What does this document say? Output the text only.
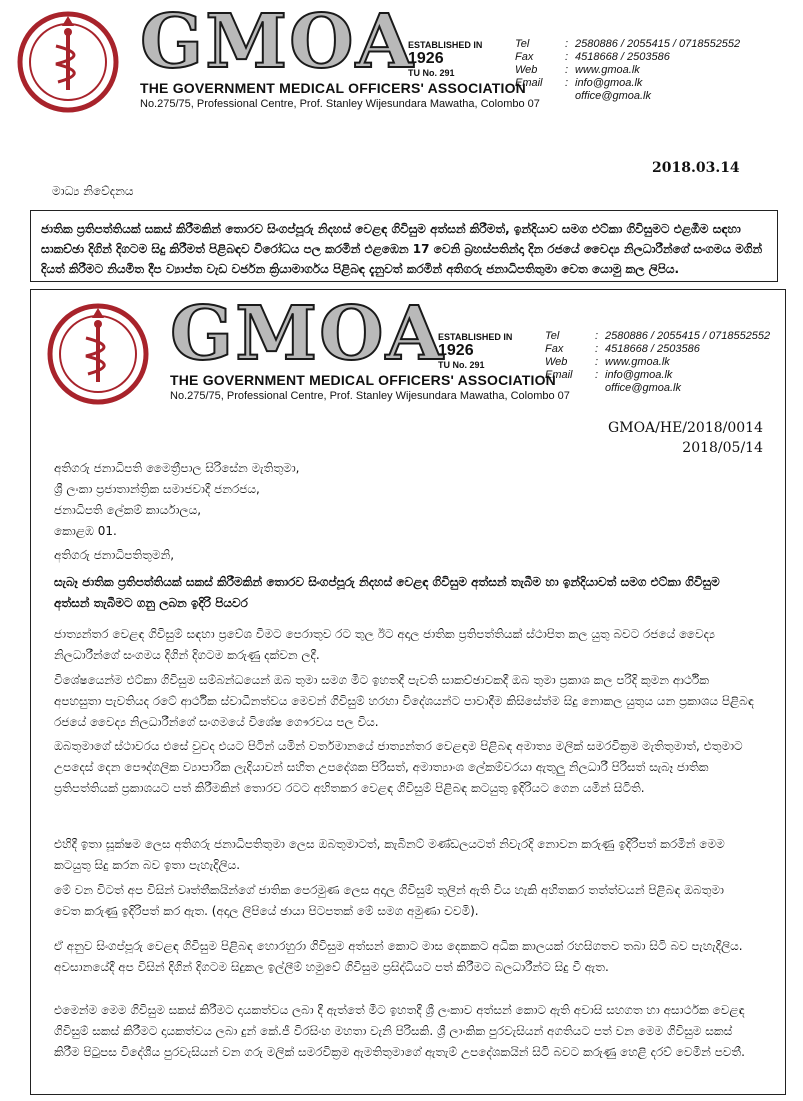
GMOA
ESTABLISHED IN
1926
TU No. 291
THE GOVERNMENT MEDICAL OFFICERS' ASSOCIATION
No.275/75, Professional Centre, Prof. Stanley Wijesundara Mawatha, Colombo 07
Tel	: 2580886 / 2055415 / 0718552552
Fax	: 4518668 / 2503586
Web	: www.gmoa.lk
Email	: info@gmoa.lk
office@gmoa.lk
2018.03.14
මාධ්‍ය නිවේදනය
ජාතික ප්‍රතිපත්තියක් සකස් කිරීමකින් තොරව සිංගප්පූරු නිදහස් වෙළඳ ගිවිසුම අත්සන් කිරීමත්, ඉන්දියාව සමග එට්කා ගිවිසුමට එළඹීම සඳහා සාකච්ඡා දිගින් දිගටම සිදු කිරීමත් පිළිබඳව විරෝධය පල කරමින් එළඹෙන 17 වෙනි බ්‍රහස්පතින්දා දින රජයේ වෛද්‍ය නිලධාරීන්ගේ සංගමය මගින් දියත් කිරීමට නියමිත දීප ව්‍යාප්ත වැඩ වර්ජන ක්‍රියාමාර්ගය පිළිබඳ දැනුවත් කරමින් අතිගරු ජනාධිපතිතුමා වෙත යොමු කල ලිපිය.
GMOA
ESTABLISHED IN
1926
TU No. 291
THE GOVERNMENT MEDICAL OFFICERS' ASSOCIATION
No.275/75, Professional Centre, Prof. Stanley Wijesundara Mawatha, Colombo 07
Tel	: 2580886 / 2055415 / 0718552552
Fax	: 4518668 / 2503586
Web	: www.gmoa.lk
Email	: info@gmoa.lk
office@gmoa.lk
GMOA/HE/2018/0014
2018/05/14
අතිගරු ජනාධිපති මෛත්‍රීපාල සිරිසේන මැතිතුමා,
ශ්‍රී ලංකා ප්‍රජාතාන්ත්‍රික සමාජවාදී ජනරජය,
ජනාධිපති ලේකම් කාර්යාලය,
කොළඹ 01.
අතිගරු ජනාධිපතිතුමනි,
සැබෑ ජාතික ප්‍රතිපත්තියක් සකස් කිරීමකින් තොරව සිංගප්පූරු නිදහස් වෙළඳ ගිවිසුම අත්සන් තැබීම හා ඉන්දියාවත් සමග එට්කා ගිවිසුම අත්සන් තැබීමට ගනු ලබන ඉදිරි පියවර

ජාත්‍යන්තර වෙළඳ ගිවිසුම් සඳහා ප්‍රවේශ වීමට පෙරාතුව රට තුල ඊට අදාල ජාතික ප්‍රතිපත්තියක් ස්ථාපිත කල යුතු බවට රජයේ වෛද්‍ය නිලධාරීන්ගේ සංගමය දිගින් දිගටම කරුණු දක්වන ලදී.

විශේෂයෙන්ම එට්කා ගිවිසුම සම්බන්ධයෙන් ඔබ තුමා සමග මීට ඉහතදී පැවති සාකච්ඡාවකදී ඔබ තුමා ප්‍රකාශ කල පරිදි කුමන ආර්ථික අපහසුතා පැවතියද රටේ ආර්ථික ස්වාධීනත්වය මෙවන් ගිවිසුම් හරහා විදේශයන්ට පාවාදීම කිසිසේත්ම සිදු නොකල යුතුය යන ප්‍රකාශය පිළිබඳ රජයේ වෛද්‍ය නිලධාරීන්ගේ සංගමයේ විශේෂ ගෞරවය පල විය.

ඔබතුමාගේ ස්ථාවරය එසේ වුවද එයට පිටින් යමින් වර්තමානයේ ජාත්‍යන්තර වෙළඳාම පිළිබඳ අමාත්‍ය මලික් සමරවික්‍රම මැතිතුමාත්, එතුමාට උපදෙස් දෙන පෞද්ගලික ව්‍යාපාරික ලැදියාවන් සහිත උපදේශක පිරිසත්, අමාත්‍යාංශ ලේකම්වරයා ඇතුලු නිලධාරී පිරිසත් සැබෑ ජාතික ප්‍රතිපත්තියක් ප්‍රකාශයට පත් කිරීමකින් තොරව රටට අහිතකර වෙළඳ ගිවිසුම් පිළිබඳ කටයුතු ඉදිරියට ගෙන යමින් සිටිති.

එහිදී ඉතා සූක්ෂම ලෙස අතිගරු ජනාධිපතිතුමා ලෙස ඔබතුමාටත්, කැබිනට් මණ්ඩලයටත් නිවැරදි නොවන කරුණු ඉදිරිපත් කරමින් මෙම කටයුතු සිදු කරන බව ඉතා පැහැදිලිය.

මේ වන විටත් අප විසින් වෘත්තීකයින්ගේ ජාතික පෙරමුණ ලෙස අදාල ගිවිසුම් තුලින් ඇති විය හැකි අහිතකර තත්ත්වයන් පිළිබඳ ඔබතුමා වෙත කරුණු ඉදිරිපත් කර ඇත. (අදාල ලිපියේ ඡායා පිටපතක් මේ සමග අමුණා චවමි).

ඒ අනුව සිංගප්පූරු වෙළඳ ගිවිසුම පිළිබඳ හොරහුරා ගිවිසුම අත්සන් කොට මාස දෙකකට අධික කාලයක් රහසිගතව තබා සිටි බව පැහැදිලිය. අවසානයේදී අප විසින් දිගින් දිගටම සිදුකල ඉල්ලීම් හමුවේ ගිවිසුම ප්‍රසිද්ධියට පත් කිරීමට බලධාරීන්ට සිදු වී ඇත.

එමෙන්ම මෙම ගිවිසුම සකස් කිරීමට දායකත්වය ලබා දී ඇත්තේ මීට ඉහතදී ශ්‍රී ලංකාව අත්සන් කොට ඇති අවාසි සහගත හා අසාර්ථක වෙළඳ ගිවිසුම් සකස් කිරීමට දායකත්වය ලබා දුන් කේ.ජී විරසිංහ මහතා වැනි පිරිසකි. ශ්‍රී ලාංකික පුරවැසියන් අගතියට පත් වන මෙම ගිවිසුම සකස් කිරීම පිටුපස විදේශීය පුරවැසියන් වන ගරු මලික් සමරවික්‍රම ඇමතිතුමාගේ ඇතැම් උපදේශකයින් සිටි බවට කරුණු හෙළි දරව් වෙමින් පවතී.
